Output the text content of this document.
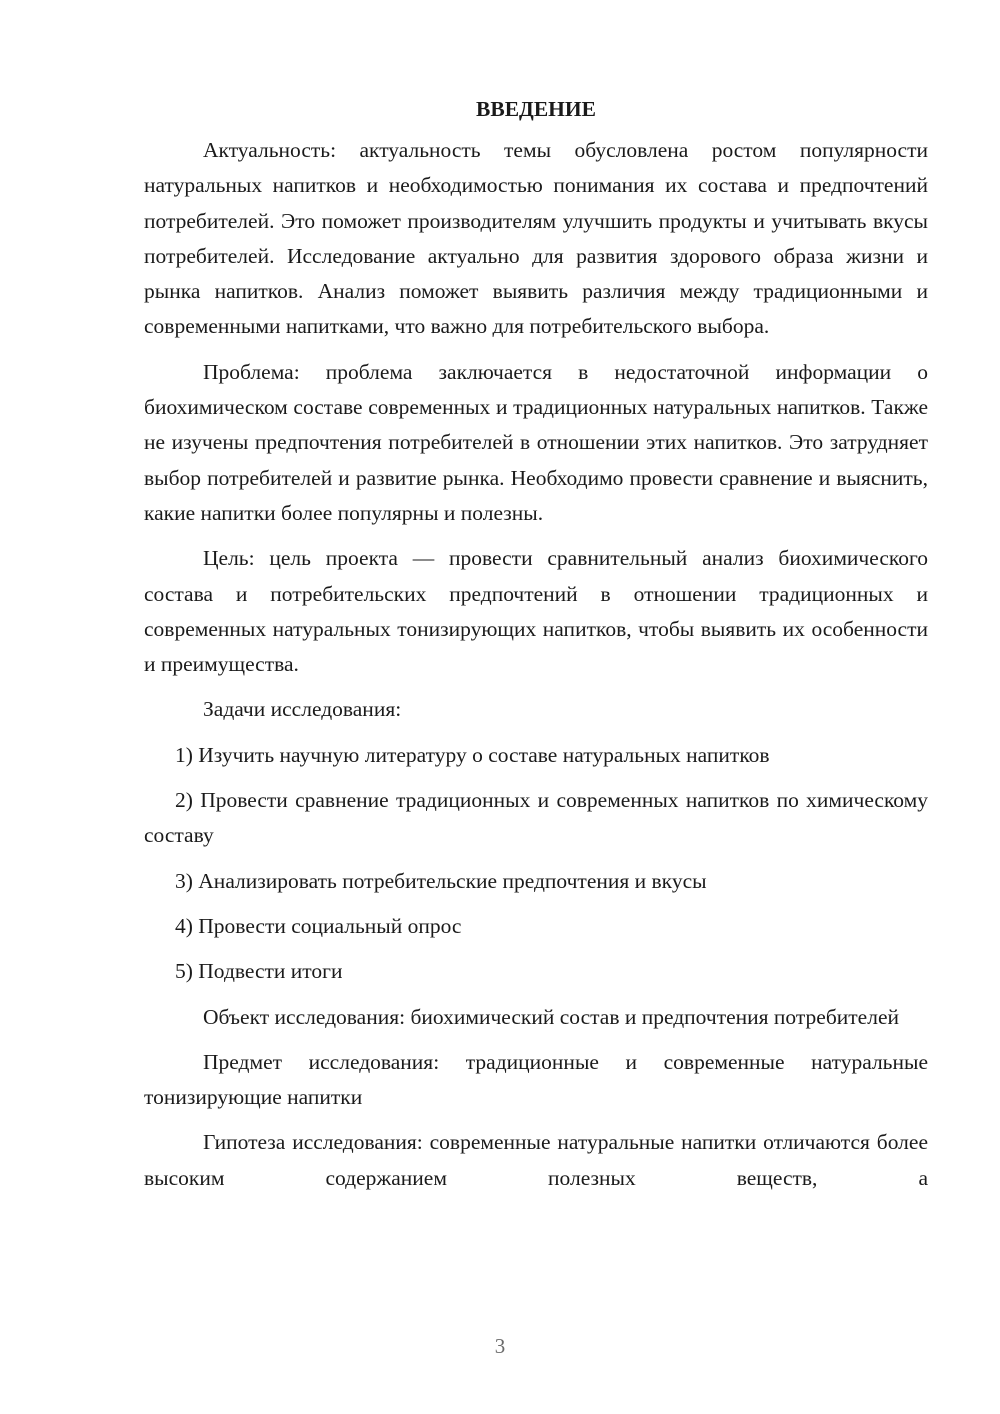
ВВЕДЕНИЕ

Актуальность: актуальность темы обусловлена ростом популярности натуральных напитков и необходимостью понимания их состава и предпочтений потребителей. Это поможет производителям улучшить продукты и учитывать вкусы потребителей. Исследование актуально для развития здорового образа жизни и рынка напитков. Анализ поможет выявить различия между традиционными и современными напитками, что важно для потребительского выбора.

Проблема: проблема заключается в недостаточной информации о биохимическом составе современных и традиционных натуральных напитков. Также не изучены предпочтения потребителей в отношении этих напитков. Это затрудняет выбор потребителей и развитие рынка. Необходимо провести сравнение и выяснить, какие напитки более популярны и полезны.

Цель: цель проекта — провести сравнительный анализ биохимического состава и потребительских предпочтений в отношении традиционных и современных натуральных тонизирующих напитков, чтобы выявить их особенности и преимущества.

Задачи исследования:

1) Изучить научную литературу о составе натуральных напитков

2) Провести сравнение традиционных и современных напитков по химическому составу

3) Анализировать потребительские предпочтения и вкусы

4) Провести социальный опрос

5) Подвести итоги

Объект исследования: биохимический состав и предпочтения потребителей

Предмет исследования: традиционные и современные натуральные тонизирующие напитки

Гипотеза исследования: современные натуральные напитки отличаются более высоким содержанием полезных веществ, а

3
